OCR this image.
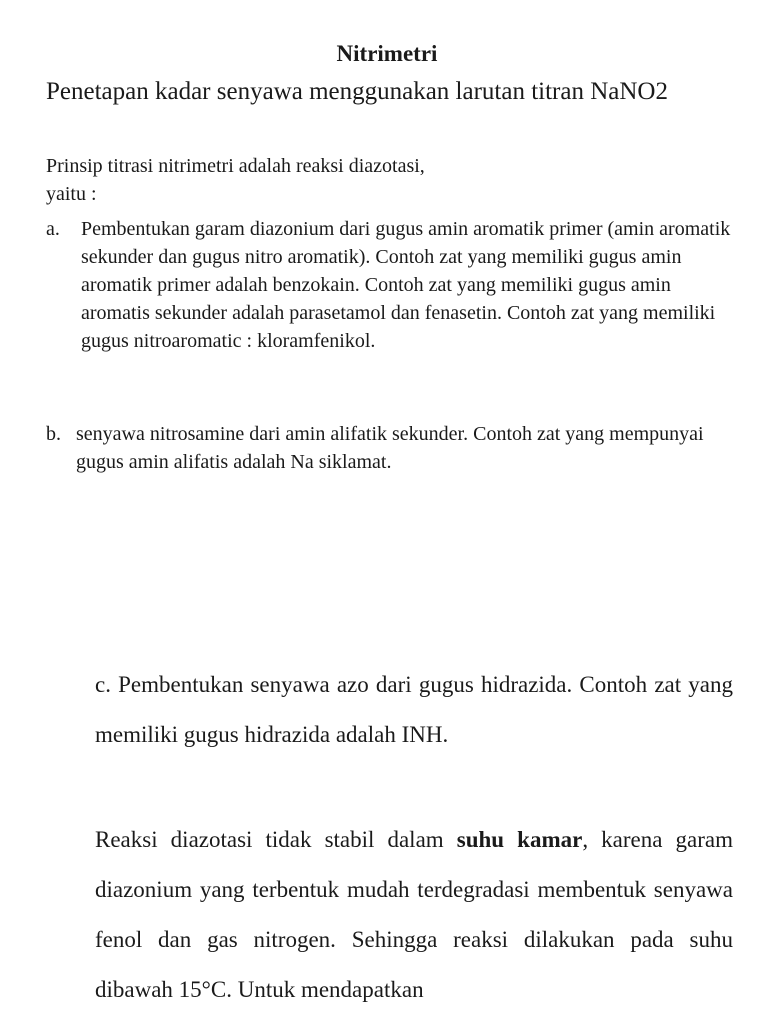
Nitrimetri
Penetapan kadar senyawa menggunakan larutan titran NaNO2

Prinsip titrasi nitrimetri adalah reaksi diazotasi,

yaitu :

a.	Pembentukan garam diazonium dari gugus amin aromatik primer (amin aromatik sekunder dan gugus nitro aromatik). Contoh zat yang memiliki gugus amin aromatik primer adalah benzokain. Contoh zat yang memiliki gugus amin aromatis sekunder adalah parasetamol dan fenasetin. Contoh zat yang memiliki gugus nitroaromatic : kloramfenikol.
b. senyawa nitrosamine dari amin alifatik sekunder. Contoh zat yang mempunyai gugus amin alifatis adalah Na siklamat.

c. Pembentukan senyawa azo dari gugus hidrazida. Contoh zat yang memiliki gugus hidrazida adalah INH.

Reaksi diazotasi tidak stabil dalam suhu kamar, karena garam diazonium yang terbentuk mudah terdegradasi membentuk senyawa fenol dan gas nitrogen. Sehingga reaksi dilakukan pada suhu dibawah 15°C. Untuk mendapatkan
